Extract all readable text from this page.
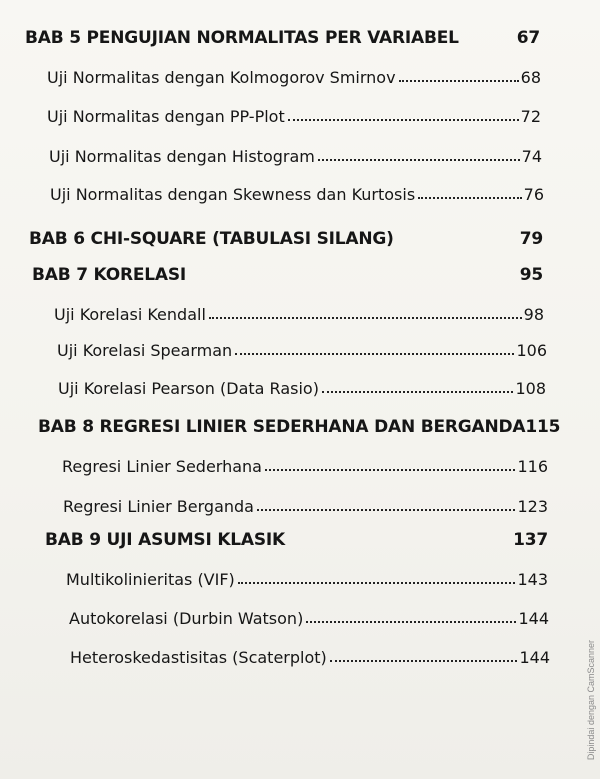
BAB 5 PENGUJIAN NORMALITAS PER VARIABEL	67
Uji Normalitas dengan Kolmogorov Smirnov	68
Uji Normalitas dengan PP-Plot	72
Uji Normalitas dengan Histogram	74
Uji Normalitas dengan Skewness dan Kurtosis	76
BAB 6 CHI-SQUARE (TABULASI SILANG)	79
BAB 7 KORELASI	95
Uji Korelasi Kendall	98
Uji Korelasi Spearman	106
Uji Korelasi Pearson (Data Rasio)	108
BAB 8 REGRESI LINIER SEDERHANA DAN BERGANDA 115
Regresi Linier Sederhana	116
Regresi Linier Berganda	123
BAB 9 UJI ASUMSI KLASIK	137
Multikolinieritas (VIF)	143
Autokorelasi (Durbin Watson)	144
Heteroskedastisitas (Scaterplot)	144	Dipindai dengan CamScanner
